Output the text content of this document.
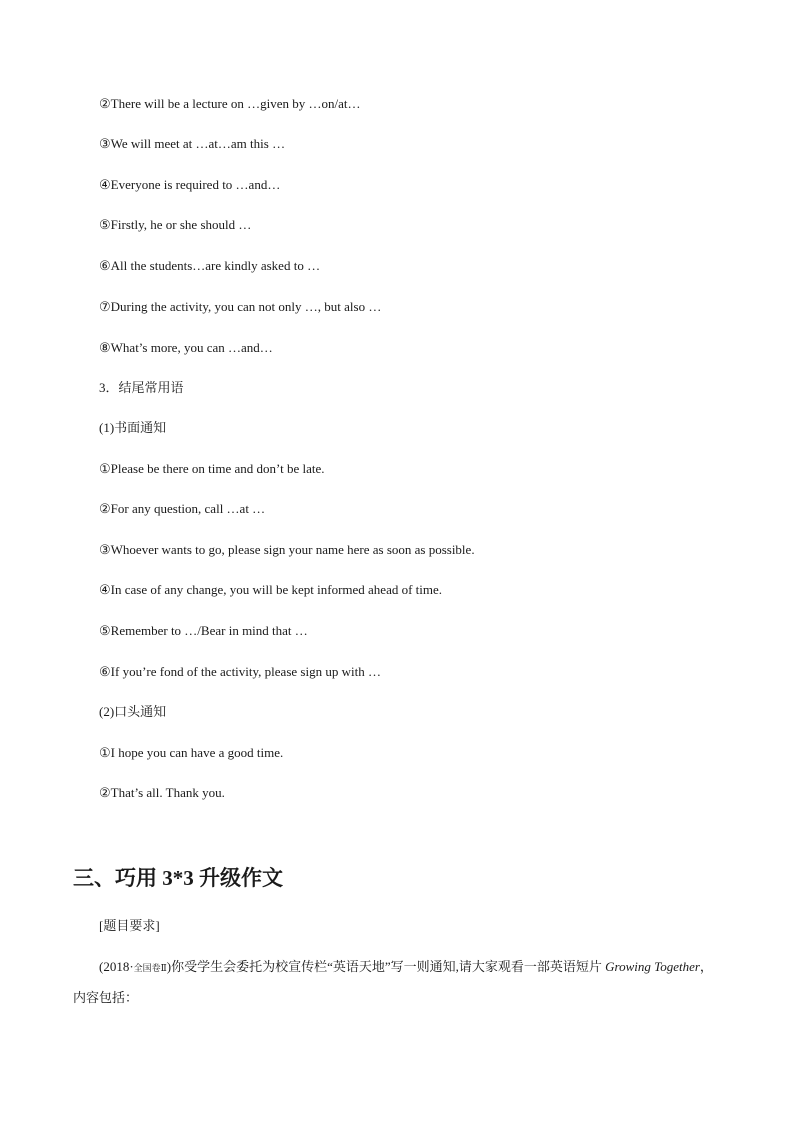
②There will be a lecture on …given by …on/at…
③We will meet at …at…am this …
④Everyone is required to …and…
⑤Firstly, he or she should …
⑥All the students…are kindly asked to …
⑦During the activity, you can not only …, but also …
⑧What’s more, you can …and…
3．结尾常用语
(1)书面通知
①Please be there on time and don’t be late.
②For any question, call …at …
③Whoever wants to go, please sign your name here as soon as possible.
④In case of any change, you will be kept informed ahead of time.
⑤Remember to …/Bear in mind that …
⑥If you’re fond of the activity, please sign up with …
(2)口头通知
①I hope you can have a good time.
②That’s all. Thank you.
三、巧用 3*3 升级作文
[题目要求]
(2018·全国卷Ⅱ)你受学生会委托为校宣传栏“英语天地”写一则通知,请大家观看一部英语短片 Growing Together，内容包括：
